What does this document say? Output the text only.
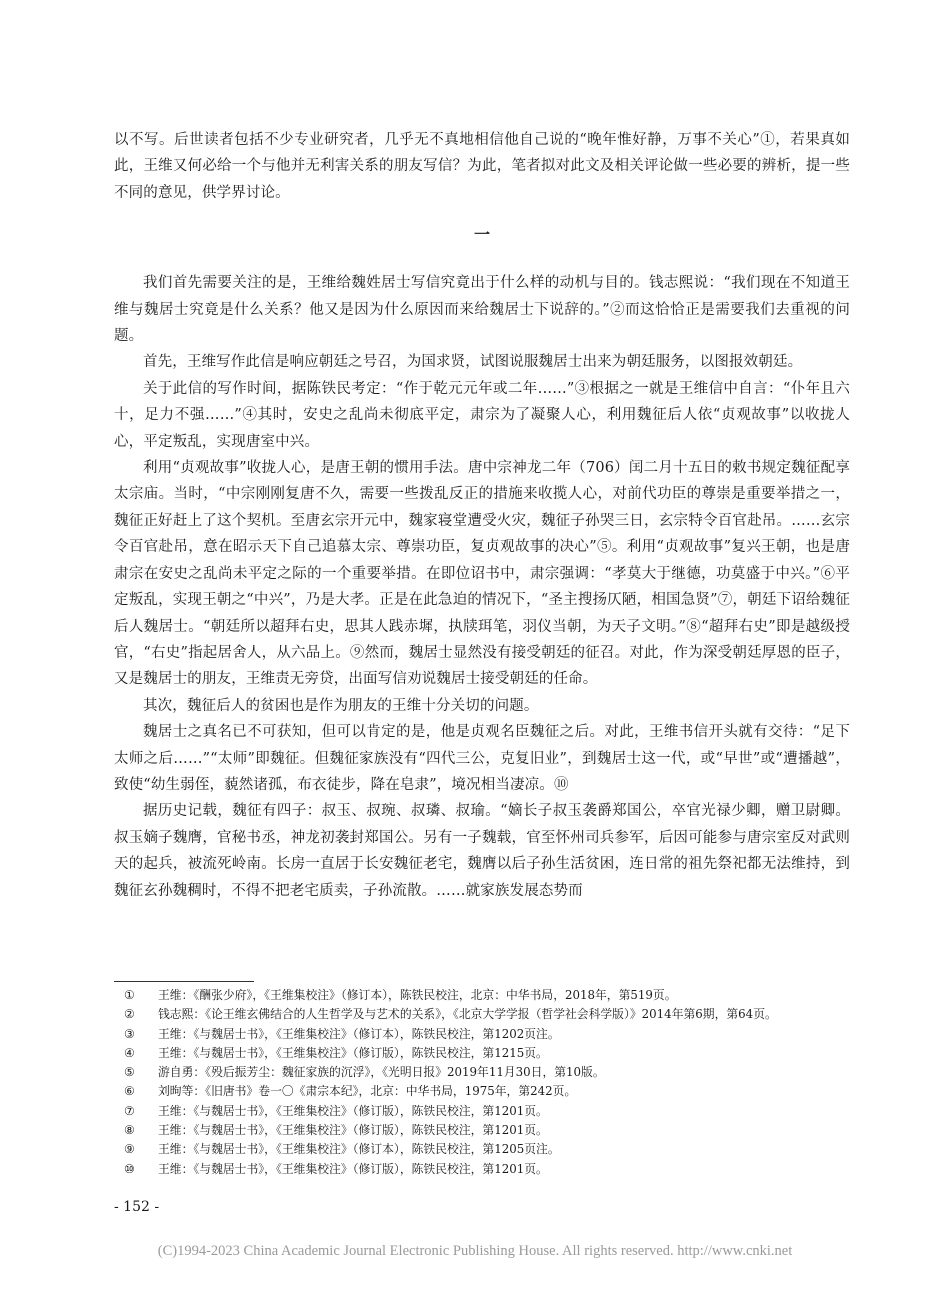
以不写。后世读者包括不少专业研究者，几乎无不真地相信他自己说的“晚年惟好静，万事不关心”①，若果真如此，王维又何必给一个与他并无利害关系的朋友写信？为此，笔者拟对此文及相关评论做一些必要的辨析，提一些不同的意见，供学界讨论。

一

我们首先需要关注的是，王维给魏姓居士写信究竟出于什么样的动机与目的。钱志熙说：“我们现在不知道王维与魏居士究竟是什么关系？他又是因为什么原因而来给魏居士下说辞的。”②而这恰恰正是需要我们去重视的问题。

首先，王维写作此信是响应朝廷之号召，为国求贤，试图说服魏居士出来为朝廷服务，以图报效朝廷。

关于此信的写作时间，据陈铁民考定：“作于乾元元年或二年……”③根据之一就是王维信中自言：“仆年且六十，足力不强……”④其时，安史之乱尚未彻底平定，肃宗为了凝聚人心，利用魏征后人依“贞观故事”以收拢人心，平定叛乱，实现唐室中兴。

利用“贞观故事”收拢人心，是唐王朝的惯用手法。唐中宗神龙二年（706）闰二月十五日的敕书规定魏征配享太宗庙。当时，“中宗刚刚复唐不久，需要一些拨乱反正的措施来收揽人心，对前代功臣的尊崇是重要举措之一，魏征正好赶上了这个契机。至唐玄宗开元中，魏家寝堂遭受火灾，魏征子孙哭三日，玄宗特令百官赴吊。……玄宗令百官赴吊，意在昭示天下自己追慕太宗、尊崇功臣，复贞观故事的决心”⑤。利用“贞观故事”复兴王朝，也是唐肃宗在安史之乱尚未平定之际的一个重要举措。在即位诏书中，肃宗强调：“孝莫大于继德，功莫盛于中兴。”⑥平定叛乱，实现王朝之“中兴”，乃是大孝。正是在此急迫的情况下，“圣主搜扬仄陋，相国急贤”⑦，朝廷下诏给魏征后人魏居士。“朝廷所以超拜右史，思其人践赤墀，执牍珥笔，羽仪当朝，为天子文明。”⑧“超拜右史”即是越级授官，“右史”指起居舍人，从六品上。⑨然而，魏居士显然没有接受朝廷的征召。对此，作为深受朝廷厚恩的臣子，又是魏居士的朋友，王维责无旁贷，出面写信劝说魏居士接受朝廷的任命。

其次，魏征后人的贫困也是作为朋友的王维十分关切的问题。

魏居士之真名已不可获知，但可以肯定的是，他是贞观名臣魏征之后。对此，王维书信开头就有交待：“足下太师之后……”“太师”即魏征。但魏征家族没有“四代三公，克复旧业”，到魏居士这一代，或“早世”或“遭播越”，致使“幼生弱侄，藐然诸孤，布衣徒步，降在皂隶”，境况相当凄凉。⑩

据历史记载，魏征有四子：叔玉、叔琬、叔璘、叔瑜。“嫡长子叔玉袭爵郑国公，卒官光禄少卿，赠卫尉卿。叔玉嫡子魏膺，官秘书丞，神龙初袭封郑国公。另有一子魏载，官至怀州司兵参军，后因可能参与唐宗室反对武则天的起兵，被流死岭南。长房一直居于长安魏征老宅，魏膺以后子孙生活贫困，连日常的祖先祭祀都无法维持，到魏征玄孙魏稠时，不得不把老宅质卖，子孙流散。……就家族发展态势而

①	王维：《酬张少府》，《王维集校注》（修订本），陈铁民校注，北京：中华书局，2018年，第519页。
②	钱志熙：《论王维玄佛结合的人生哲学及与艺术的关系》，《北京大学学报（哲学社会科学版）》2014年第6期，第64页。
③	王维：《与魏居士书》，《王维集校注》（修订本），陈铁民校注，第1202页注。
④	王维：《与魏居士书》，《王维集校注》（修订版），陈铁民校注，第1215页。
⑤	游自勇：《殁后振芳尘：魏征家族的沉浮》，《光明日报》2019年11月30日，第10版。
⑥	刘昫等：《旧唐书》卷一〇《肃宗本纪》，北京：中华书局，1975年，第242页。
⑦	王维：《与魏居士书》，《王维集校注》（修订版），陈铁民校注，第1201页。
⑧	王维：《与魏居士书》，《王维集校注》（修订版），陈铁民校注，第1201页。
⑨	王维：《与魏居士书》，《王维集校注》（修订本），陈铁民校注，第1205页注。
⑩	王维：《与魏居士书》，《王维集校注》（修订版），陈铁民校注，第1201页。
- 152 -
(C)1994-2023 China Academic Journal Electronic Publishing House. All rights reserved. http://www.cnki.net
